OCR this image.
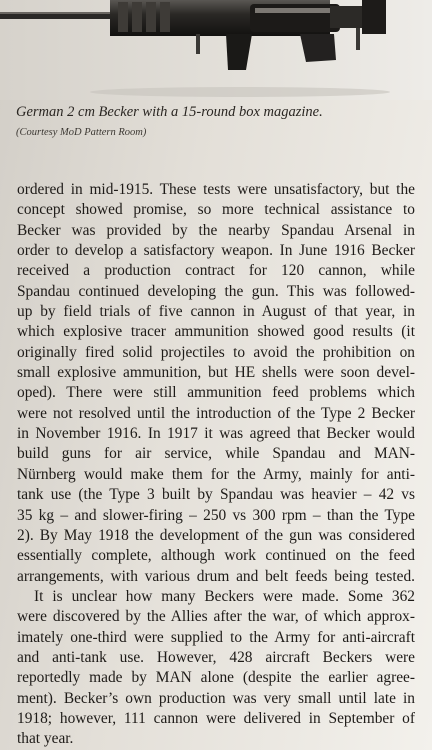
German 2 cm Becker with a 15-round box magazine.
(Courtesy MoD Pattern Room)
ordered in mid-1915. These tests were unsatisfactory, but the
concept showed promise, so more technical assistance to
Becker was provided by the nearby Spandau Arsenal in
order to develop a satisfactory weapon. In June 1916 Becker
received a production contract for 120 cannon, while
Spandau continued developing the gun. This was followed-
up by field trials of five cannon in August of that year, in
which explosive tracer ammunition showed good results (it
originally fired solid projectiles to avoid the prohibition on
small explosive ammunition, but HE shells were soon devel-
oped). There were still ammunition feed problems which
were not resolved until the introduction of the Type 2 Becker
in November 1916. In 1917 it was agreed that Becker would
build guns for air service, while Spandau and MAN-
Nürnberg would make them for the Army, mainly for anti-
tank use (the Type 3 built by Spandau was heavier – 42 vs
35 kg – and slower-firing – 250 vs 300 rpm – than the Type
2). By May 1918 the development of the gun was considered
essentially complete, although work continued on the feed
arrangements, with various drum and belt feeds being tested.
It is unclear how many Beckers were made. Some 362
were discovered by the Allies after the war, of which approx-
imately one-third were supplied to the Army for anti-aircraft
and anti-tank use. However, 428 aircraft Beckers were
reportedly made by MAN alone (despite the earlier agree-
ment). Becker’s own production was very small until late in
1918; however, 111 cannon were delivered in September of
that year.
